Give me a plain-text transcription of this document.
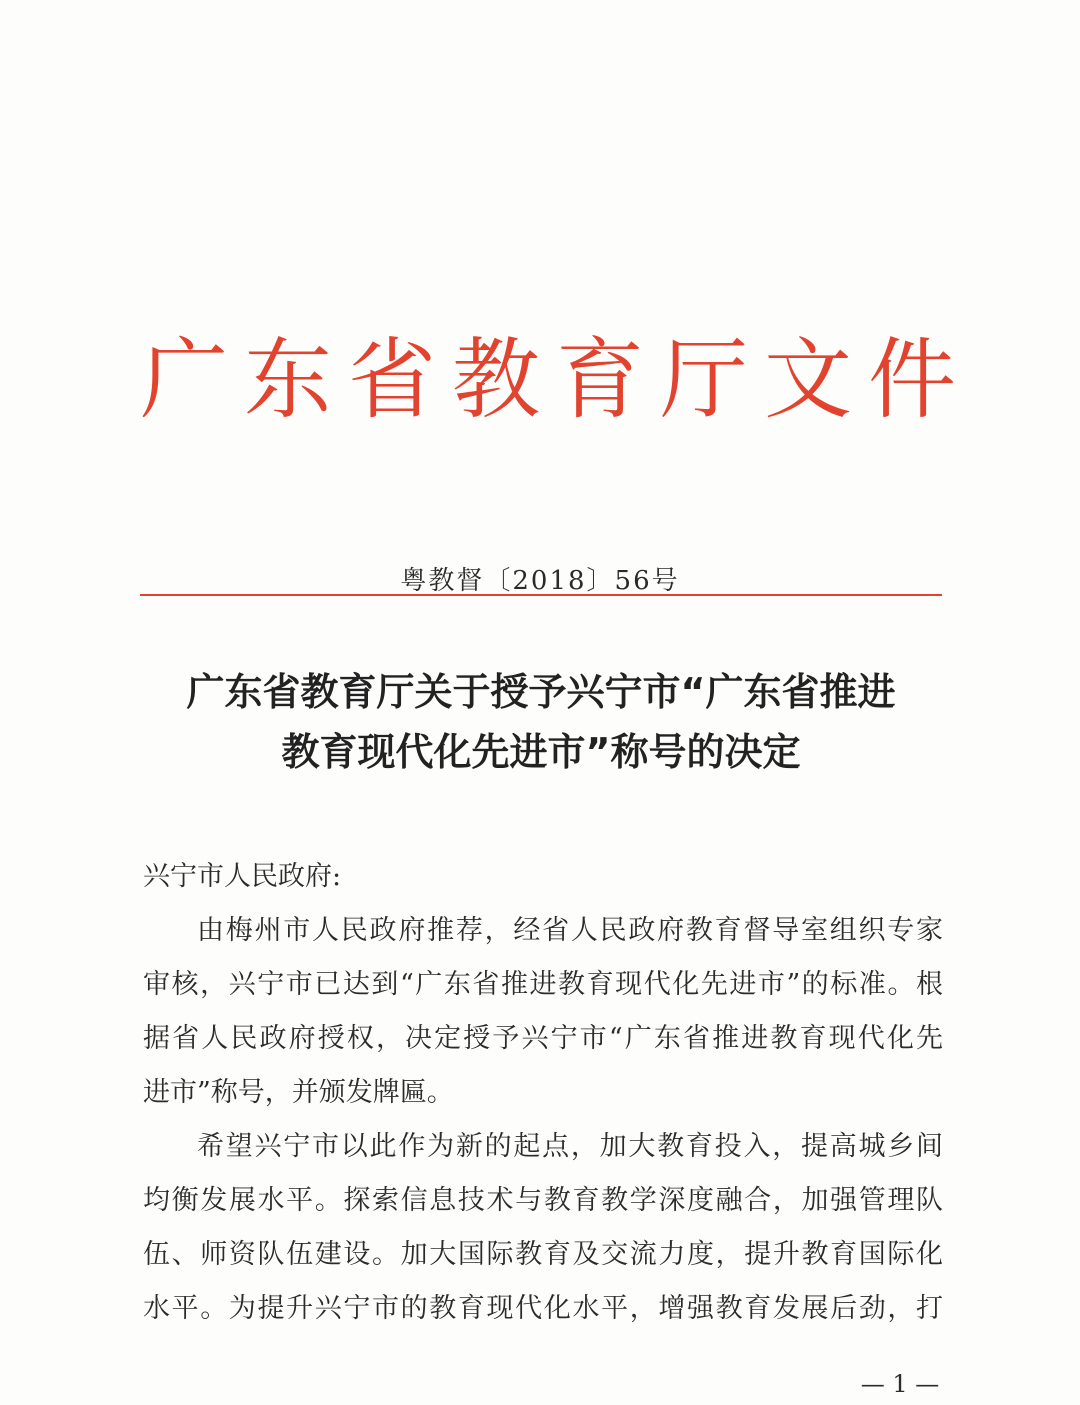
广东省教育厅文件
粤教督〔2018〕56号
广东省教育厅关于授予兴宁市“广东省推进
教育现代化先进市”称号的决定
兴宁市人民政府:
由梅州市人民政府推荐，经省人民政府教育督导室组织专家
审核，兴宁市已达到“广东省推进教育现代化先进市”的标准。根
据省人民政府授权，决定授予兴宁市“广东省推进教育现代化先
进市”称号，并颁发牌匾。
希望兴宁市以此作为新的起点，加大教育投入，提高城乡间
均衡发展水平。探索信息技术与教育教学深度融合，加强管理队
伍、师资队伍建设。加大国际教育及交流力度，提升教育国际化
水平。为提升兴宁市的教育现代化水平，增强教育发展后劲，打
— 1 —
